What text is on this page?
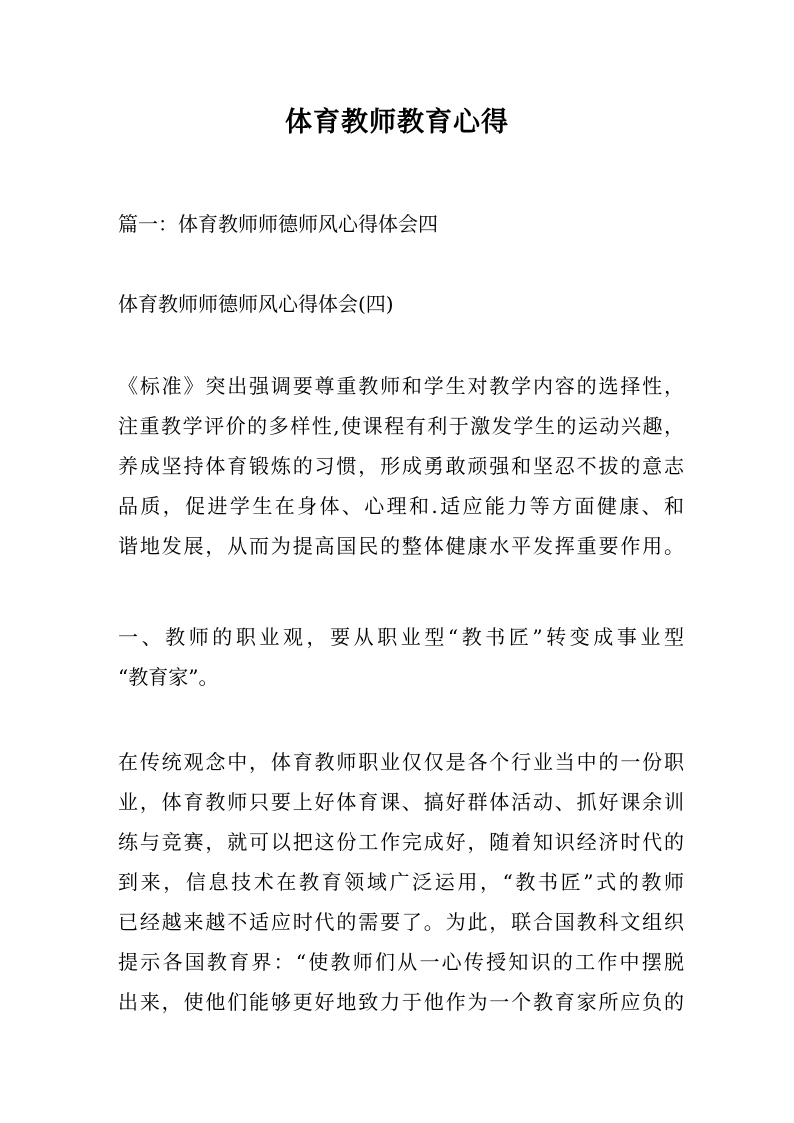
体育教师教育心得
篇一：体育教师师德师风心得体会四
体育教师师德师风心得体会(四)
《标准》突出强调要尊重教师和学生对教学内容的选择性，
注重教学评价的多样性,使课程有利于激发学生的运动兴趣，
养成坚持体育锻炼的习惯，形成勇敢顽强和坚忍不拔的意志
品质，促进学生在身体、心理和.适应能力等方面健康、和
谐地发展，从而为提高国民的整体健康水平发挥重要作用。
一、教师的职业观，要从职业型“教书匠”转变成事业型
“教育家”。
在传统观念中，体育教师职业仅仅是各个行业当中的一份职
业，体育教师只要上好体育课、搞好群体活动、抓好课余训
练与竞赛，就可以把这份工作完成好，随着知识经济时代的
到来，信息技术在教育领域广泛运用，“教书匠”式的教师
已经越来越不适应时代的需要了。为此，联合国教科文组织
提示各国教育界：“使教师们从一心传授知识的工作中摆脱
出来，使他们能够更好地致力于他作为一个教育家所应负的
